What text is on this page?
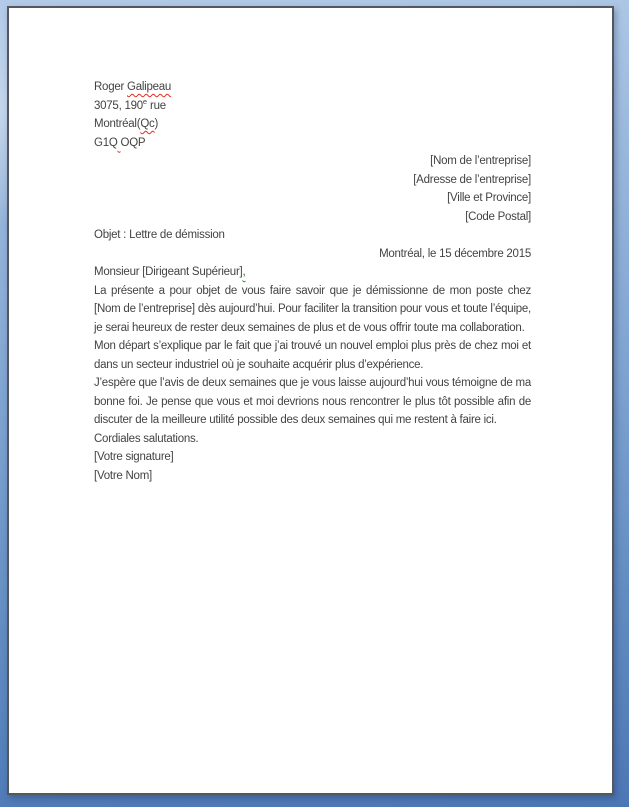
Roger Galipeau
3075, 190e rue
Montréal(Qc)
G1Q OQP
[Nom de l’entreprise]
[Adresse de l’entreprise]
[Ville et Province]
[Code Postal]
Objet : Lettre de démission
Montréal, le 15 décembre 2015
Monsieur [Dirigeant Supérieur],

La présente a pour objet de vous faire savoir que je démissionne de mon poste chez [Nom de l’entreprise] dès aujourd’hui. Pour faciliter la transition pour vous et toute l’équipe, je serai heureux de rester deux semaines de plus et de vous offrir toute ma collaboration.

Mon départ s’explique par le fait que j’ai trouvé un nouvel emploi plus près de chez moi et dans un secteur industriel où je souhaite acquérir plus d’expérience.

J’espère que l’avis de deux semaines que je vous laisse aujourd’hui vous témoigne de ma bonne foi. Je pense que vous et moi devrions nous rencontrer le plus tôt possible afin de discuter de la meilleure utilité possible des deux semaines qui me restent à faire ici.

Cordiales salutations.
[Votre signature]
[Votre Nom]
